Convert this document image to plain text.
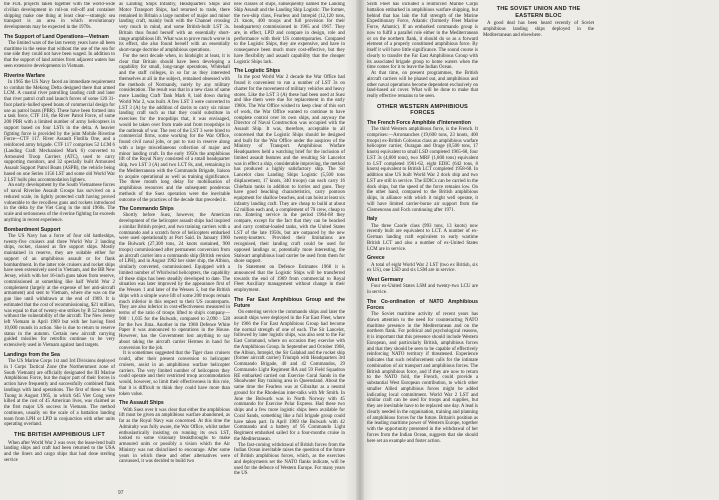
the FDL projects taken together with the world-wide civilian development in roll-on roll-off and container shipping make one thing at least clear—strategic sea transport is an area in which revolutionary developments may be expected in the 1970s.

The Support of Land Operations—Vietnam

The limited wars of the last twenty years have all been maritime in the sense that without the use of the sea for one side they could not have been waged. In addition to that the support of land armies from adjacent waters has seen extensive developments in Vietnam.

Riverine Warfare

In 1965 the US Navy faced an immediate requirement to combat the Mekong Delta designed there that armed LCM. A coastal river patrolling landing craft and later that river patrol craft and launch forces of some 120 31-foot plastic-hulled speed boats of commercial design for use as patrol boats (PBR). These have been formed into a task force, CTF 116, the River Patrol Force, of some 200 PBR with a limited number of army helicopters in support based on four LSTs in the delta. A heavier fighting force is provided by the joint Mobile Riverine Force—CTF 117. River Assault Flotilla One, and a reinforced army brigade. CTF 117 comprises 52 LCM 6 (Landing Craft Mechanised Mark 6) converted to Armoured Troop Carriers (ATC), used to carry supporting monitors, and 32 specially built Armoured Assault Support Patrol Boats (ASPB), the vehicle being based on one Series 1156 LST and some old World War 2 LST hulls plus accommodation lighters.

An early development by the South Vietnamese forces of naval Riverine Assault Groups has survived on a reduced scale, its lightly protected craft having proved vulnerable to the recoilless guns and rockets introduced in the delta by the Viet Cong in the mid 1960s. The scale and seriousness of the riverine fighting far exceeds anything in recent experience.

Bombardment Support

The US Navy has a force of four old battleships, twenty-five cruisers and three World War 2 landing ships, rocket, classed as fire support ships. Mostly maintained in reserve, they are suitable either for support of an amphibious assault or for flank bombardment. In the latter role cruisers and rocket ships have seen extensively used in Vietnam, and the BB New Jersey, which with her 16-inch guns taken from reserve, commissioned at something like half World War 2 complement (largely at the expense of her anti-aircraft armament) and sent to Vietnam, where she was on the gun line until withdrawn at the end of 1969. It is estimated that the cost of recommissioning, $21 million, was equal to that of twenty-one strikes by B 52 bombers without the vulnerability of the aircraft. The New Jersey left Vietnam in April 1969 but with her having fired 10,000 rounds in action. She is due to return to reserve status in the autumn. Certain new aircraft carrying guided missiles for retrofits continue to be very extensively used in Vietnam against land targets.

Landings from the Sea

The US Marine Corps 1st and 3rd Divisions deployed in I Corps Tactical Zone (the Northernmost zone of South Vietnam) are officially designated the III Marine Amphibious Force, but the major part of their forces in action have frequently and successfully combined flank landings with land operations. The first of these at Van Tuong in August 1965, in which 645 Viet Cong were killed at the cost of 45 American lives, was claimed as the first major US success in Vietnam. The method continues, usually on the scale of a battalion landing team from LPH or LPD in conjunction with other units operating overland.

THE BRITISH AMPHIBIOUS LIFT

When after World War 2 was over, the lease-lend built landing ships and craft had been returned to the USA and the liners and cargo ships that had done sterling service

as Landing Ships Infantry, Headquarters Ships and Motor Transport Ships, had returned to trade, there remained in Britain a large number of major and minor landing craft, mainly built with the Channel crossing very much in mind, and some British-built LST 3s. Britain thus found herself with an essentially short-range amphibious lift. What was to prove much worse in its effect, she also found herself with an essentially short-range doctrine of amphibious operations.

For the next decade when, in hindsight at least, it is clear that Britain should have been developing a capability for small, long-range operations, Whitehall and the staff colleges, in so far as they interested themselves at all in the subject, remained obsessed with the methods of Normandy, surely by any military consideration. The result was that in a new class of same more Landing Craft Tank Mark 8, laid down during World War 2, was built. A few LST 3 were converted to LST 3 (A) by the addition of davits to carry six minor landing craft such as that they could substitute in exercises for the troopships that, it was envisaged, would be taken over from trade and from troopships in the outbreak of war. The rest of the LST 3 were hired to commercial firms, some working for the War Office, found civil naval jobs, or put to rust in reserve along with a large miscellaneous collection of major and minor landing craft. In the early 1950s the amphibious lift of the Royal Navy consisted of a small headquarter ship, two LST 3 (A) and two LCT 8s, and, remaining in the Mediterranean with the Commando Brigade, liaison to acquire operational as well as training significance. The three month long delay for mobilisation of amphibious resources and the subsequent ponderous methods of the Suez operation were the inevitable outcome of the practices of the decade that preceded it.

The Commando Ships

Shortly before Suez, however, the American development of the helicopter assault ships had inspired a similar British project, and two training carriers with a commando and a scratch force of helicopters embarked were used operationally at Port Said. In January 1960 the Bulwark (27,300 tons, 24 knots sustained, 900 troops) commissioned after permanent conversion from an aircraft carrier into a commando ship (British version of LPH), and in August 1962 her sister ship, the Albion, similarly converted, commissioned. Equipped with a limited number of Whirlwind helicopters, the capability of these ships has been steadily developed to date. The situation was later improved by the appearance first of the Wessex 1 and later of the Wessex 5, but the British ships with a simple wave lift of some 200 troops remain much inferior in this respect to their US counterparts. They are also inferior in cost-effectiveness measured in terms of the ratio of troops lifted to ship's company—900 : 1,035 for the Bulwark, compared to 2,090 : 528 for the Iwo Jima. Another in the 1968 Defence White Paper it was announced to operations in the House. However, has the Government lost anything to say about taking the aircraft carrier Hermes in hand for conversion for the job.

It is sometimes suggested that the Tiger class cruisers could, after their present conversion to helicopter cruisers, assist in an amphibious warfare helicopter carriers. The very limited number of helicopters they could operate and their restricted troop accommodation would, however, so limit their effectiveness in this role, that it is difficult to think they could have more than token value.

The Assault Ships

With Suez over it was clear that either the amphibious lift must be given an amphibious warfare abandoned, as far as the Royal Navy was concerned. At this time the Admiralty was fully aware, the War Office, whilst rather enthusiastically insisting on running its own LST, looked to some visionary breakthroughs to make armoured units or possibly a vision which the Air Ministry was not disinclined to encourage. After some years in which these and other alternatives were canvassed, it was decided to build two

new classes of ships, subsequently named the Landing Ship Assault and the Landing Ship Logistic. The former, the two-ship class, Fearless and Intrepid (12,120 tons, 21 knots, 400 troops and full provision for their headquarters) commissioned in 1965 and 1967. They are, in effect, LPD and compare in design, role and performance with their US contemporaries. Compared to the Logistic Ships, they are expensive, and have in consequence been much more cost-effective, but they have flexibility and assault capability that the cheaper Logistic Ships lack.

The Logistic Ships

In the post World War 2 decade the War Office had found it convenient to run a number of LST 3s on charter for the movement of military vehicles and heavy stores. Like the LST 3 (A) these had been used at Suez and like them were due for replacement in the early 1960s. The War Office wished to keep clear of this sort of work, the War Office wanted to continue to have complete control over its own ships, and anyway the Director of Naval Construction was occupied with the Assault Ship. It was, therefore, acceptable to all concerned that the Logistic Ships should be designed and built for the War Office under the auspices of the Ministry of Transport. Amphibious Warfare Headquarters held a watching brief for the inclusion of limited assault features and the resulting Sir Lancelot was in effect a ship, considerable improving, the method has produced a highly satisfactory ship. The Sir Lancelot class Landing Ships Logistic (5,500 tons displacement, 17 knots, 340 troops) can each carry 16 Chieftain tanks in addition to lorries and guns. They have good beaching characteristics, carry pontoon equipment for shallow beaches, and can hoist at least six infantry landing craft. They are cheap to build at about £2 million each and, a complement of 70 crew, cheap to run. Entering service in the period 1964-68 they compare, except for the fact that they can be beached and carry combat-loaded tanks, with the United States LST of the late 1950s, but are outpaced by the new twenty-knotters. Provided their limitations are recognised, their landing craft could be used for opposed landings or, potentially more interesting, the Stalwart amphibious load carrier be used from them for shore support.

In Statement on Defence Estimates 1968 it is announced that the Logistic Ships will be transferred towards the end of 1969 from commercial to Royal Fleet Auxiliary management without change in their employment.

The Far East Amphibious Group and the Future

On entering service the commando ships and later the assault ships were deployed in the Far East Fleet, where by 1966 the Far East Amphibious Group had become the normal strength of one of each. The Sir Lancelot, followed by later logistic ships, was also sent to the Far East Command, where on occasion they exercise with the Amphibious Group. In September and October 1968, the Albion, Intrepid, the Sir Galahad and the rocket ship (former aircraft carrier) Triumph with Headquarters 3rd Commando Brigade, 40 and 42 Commandos, 29 Commando Light Regiment RA and 59 Field Squadron RE embarked carried out Exercise Coral Sands in the Shoalwater Bay training area in Queensland. About the same time the Fearless was at Gibraltar as a neutral ground for the Rhodesian inter-talks with Mr Smith. In June the Bulwark was in North Norway with 45 commando for Exercise Polar Express. Had these two ships and a few more logistic ships been available for Coral Sands, something like a full brigade group could have taken part. In April 1969 the Bulwark with 42 Commando and a battery of 95 Commando Light Regiment embarked sailed for a four-months cruise in the Mediterranean.

The fast-coming withdrawal of British forces from the Indian Ocean inevitable raises the question of the future of British amphibious forces, which, as the exercises and deployments set the NATO flanks indicate, will be used for the defence of Western Europe. For many years the US

Sixth Fleet has included a reinforced Marine Corps battalion embarked in amphibious warfare shipping, but behind that has lain the full strength of the Marine Expeditionary Force, Atlantic (formerly Fleet Marine Force, Atlantic). If an embarked commando group is now to fulfil a parallel role either in the Mediterranean or on the northern flank, it should do so as a forward element of a properly constituted amphibious force. By itself it will have little significance. The sound course is clearly to transfer the Far East Amphibious Group with its associated brigade group to home waters when the time comes for it to leave the Indian Ocean.

At that time, on present programmes, the British aircraft carriers will be phased out, and amphibious and other naval operations become dependent exclusively on land-based air cover. What will be done to make that really effective remains to be seen.

OTHER WESTERN AMPHIBIOUS FORCES
The French Force Amphibie d'Intervention

The third Western amphibious force, is the French. It comprises:—Arromanches (19,600 tons, 23 knots, 400 troops) ex-British Colossus class an amphibious warfare helicopter carrier, Ouragan and Orage (8,500 tons, 17 knots) equivalent to small LSD completed 1965-68, four LST 3s (4,000 tons), two MRF (1,800 tons) equivalent to LST completed 1961-62, eight EDIC (642 tons, 8 knots) equivalent to British LCT completed 1958-68. In addition nine US built World War 2 dock ship and two LST are still in service. The EDICs can be carried in the dock ships, but the speed of the force remains low. On the other hand, compared to the British amphibious ships, in alliance with which it might well operate, it will have limited carrier-borne air support from the Clemenceau and Foch continuing after 1971.

Italy

The three Caorle class (993 tons, 13 knots) now recently built are equivalent to LCT. A number of ex-German landing craft equivalent to early wartime British LCT and also a number of ex-United States LCM are in service.

Greece

A total of eight World War 2 LST (two ex British, six ex US), one LSD and six LSM are in service.

West Germany

Four ex-United States LSM and twenty-two LCU are in service.

The Co-ordination of NATO Amphibious Forces

The Soviet maritime activity of recent years has drawn attention to the need for counteracting NATO maritime presence in the Mediterranean and on the northern flank. For political and psychological reasons, it is important that this presence should include Western European, and particularly British, amphibious forces and that they should be seen to be capable of effectively reinforcing NATO territory if threatened. Experience indicates that such reinforcement calls for the intimate combination of air transport and amphibious forces. The British amphibious force, and if they are now to return to the NATO fold, the French, could provide a substantial West European contribution, to which other smaller Allied amphibious forces might be added indicating local commitment. World War 2 LST and similar craft can be used for troops and supplies, but they are inevitable have to be replaced one day. A lead is clearly needed in the organisation, training and planning of amphibious forces for the future. Britain's position as the leading maritime power of Western Europe, together with the opportunity presented in the withdrawal of her forces from the Indian Ocean, suggests that she should here set an example and foster action.

THE SOVIET UNION AND THE EASTERN BLOC

A good deal has been heard recently of Soviet amphibious landing ships deployed in the Mediterranean and elsewhere.

97
